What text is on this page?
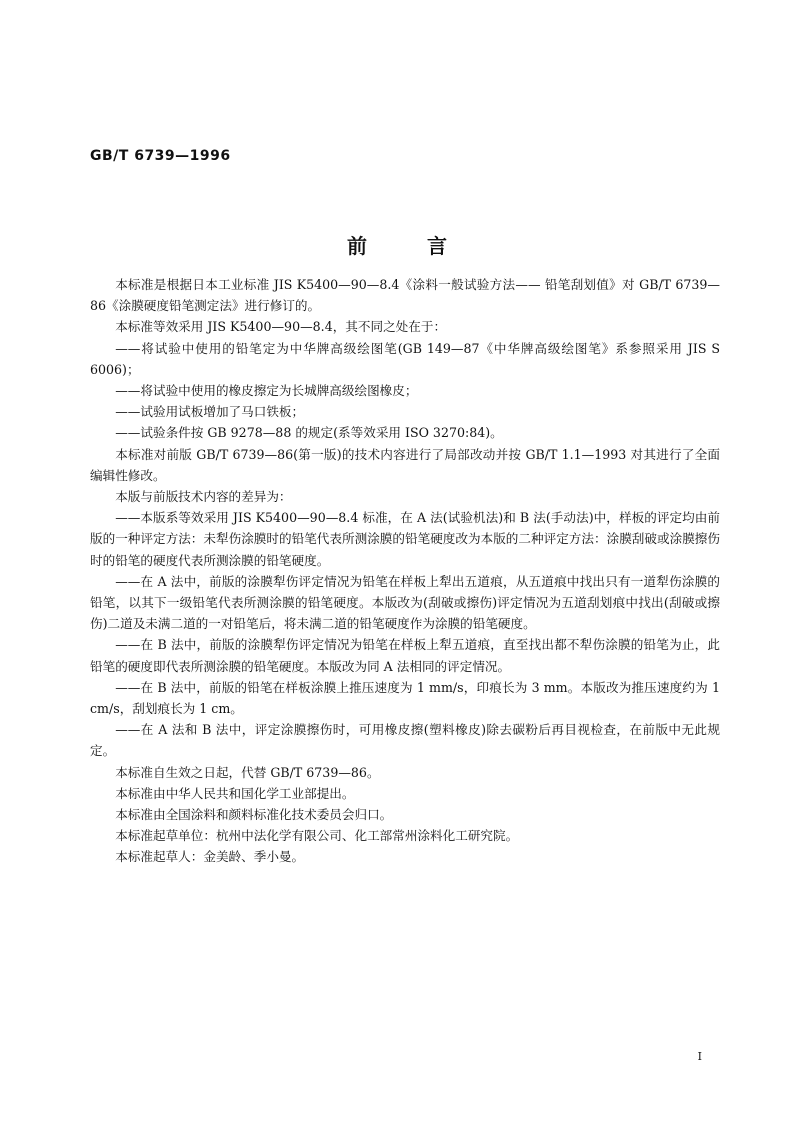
GB/T 6739—1996
前言

本标准是根据日本工业标准 JIS K5400—90—8.4《涂料一般试验方法—— 铅笔刮划值》对 GB/T 6739—86《涂膜硬度铅笔测定法》进行修订的。

本标准等效采用 JIS K5400—90—8.4，其不同之处在于：

——将试验中使用的铅笔定为中华牌高级绘图笔(GB 149—87《中华牌高级绘图笔》系参照采用 JIS S 6006)；

——将试验中使用的橡皮擦定为长城牌高级绘图橡皮；

——试验用试板增加了马口铁板；

——试验条件按 GB 9278—88 的规定(系等效采用 ISO 3270:84)。

本标准对前版 GB/T 6739—86(第一版)的技术内容进行了局部改动并按 GB/T 1.1—1993 对其进行了全面编辑性修改。

本版与前版技术内容的差异为：

——本版系等效采用 JIS K5400—90—8.4 标准，在 A 法(试验机法)和 B 法(手动法)中，样板的评定均由前版的一种评定方法：未犁伤涂膜时的铅笔代表所测涂膜的铅笔硬度改为本版的二种评定方法：涂膜刮破或涂膜擦伤时的铅笔的硬度代表所测涂膜的铅笔硬度。

——在 A 法中，前版的涂膜犁伤评定情况为铅笔在样板上犁出五道痕，从五道痕中找出只有一道犁伤涂膜的铅笔，以其下一级铅笔代表所测涂膜的铅笔硬度。本版改为(刮破或擦伤)评定情况为五道刮划痕中找出(刮破或擦伤)二道及未满二道的一对铅笔后，将未满二道的铅笔硬度作为涂膜的铅笔硬度。

——在 B 法中，前版的涂膜犁伤评定情况为铅笔在样板上犁五道痕，直至找出都不犁伤涂膜的铅笔为止，此铅笔的硬度即代表所测涂膜的铅笔硬度。本版改为同 A 法相同的评定情况。

——在 B 法中，前版的铅笔在样板涂膜上推压速度为 1 mm/s，印痕长为 3 mm。本版改为推压速度约为 1 cm/s，刮划痕长为 1 cm。

——在 A 法和 B 法中，评定涂膜擦伤时，可用橡皮擦(塑料橡皮)除去碳粉后再目视检查，在前版中无此规定。

本标准自生效之日起，代替 GB/T 6739—86。

本标准由中华人民共和国化学工业部提出。

本标准由全国涂料和颜料标准化技术委员会归口。

本标准起草单位：杭州中法化学有限公司、化工部常州涂料化工研究院。

本标准起草人：金美龄、季小曼。

I
